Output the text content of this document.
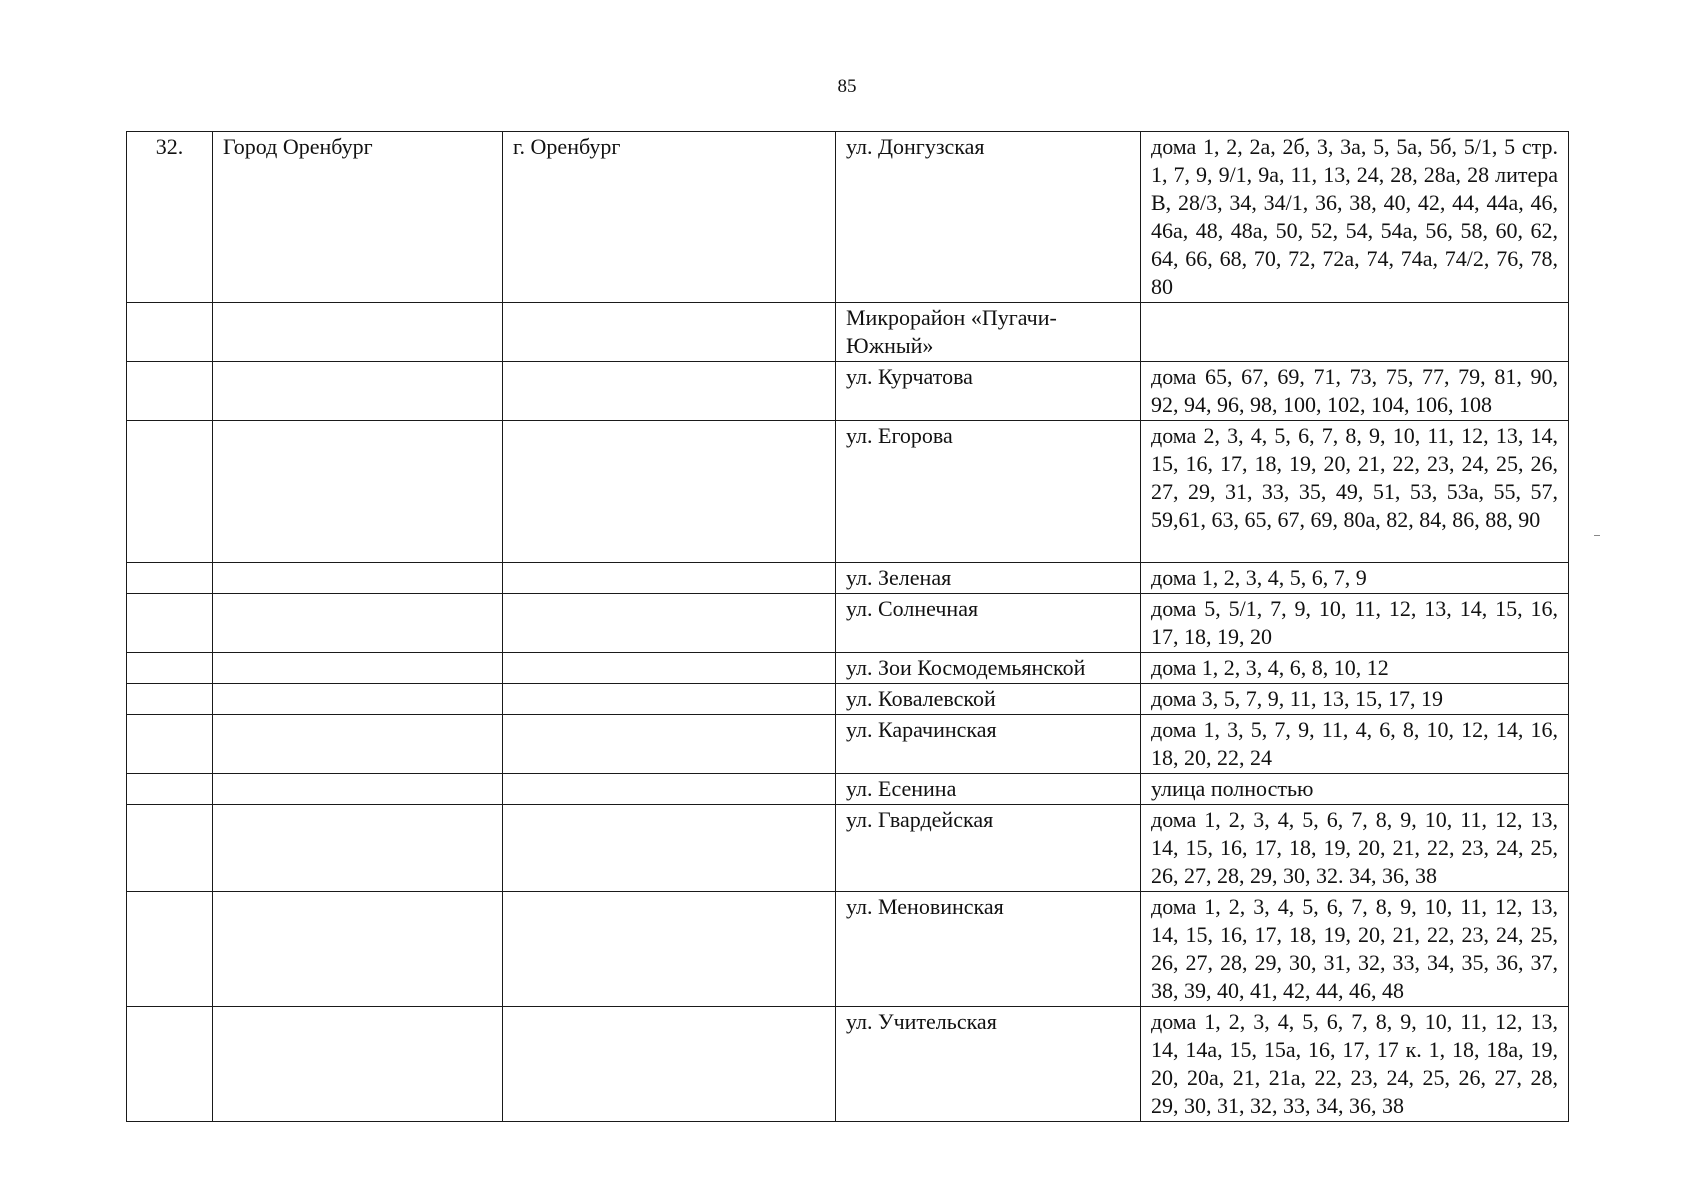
85
32.	Город Оренбург	г. Оренбург	ул. Донгузская	дома 1, 2, 2а, 2б, 3, 3а, 5, 5а, 5б, 5/1, 5 стр. 1, 7, 9, 9/1, 9а, 11, 13, 24, 28, 28а, 28 литера В, 28/3, 34, 34/1, 36, 38, 40, 42, 44, 44а, 46, 46а, 48, 48а, 50, 52, 54, 54а, 56, 58, 60, 62, 64, 66, 68, 70, 72, 72а, 74, 74а, 74/2, 76, 78, 80
			Микрорайон «Пугачи-Южный»	
			ул. Курчатова	дома 65, 67, 69, 71, 73, 75, 77, 79, 81, 90, 92, 94, 96, 98, 100, 102, 104, 106, 108
			ул. Егорова	дома 2, 3, 4, 5, 6, 7, 8, 9, 10, 11, 12, 13, 14, 15, 16, 17, 18, 19, 20, 21, 22, 23, 24, 25, 26, 27, 29, 31, 33, 35, 49, 51, 53, 53а, 55, 57, 59,61, 63, 65, 67, 69, 80а, 82, 84, 86, 88, 90
			ул. Зеленая	дома 1, 2, 3, 4, 5, 6, 7, 9
			ул. Солнечная	дома 5, 5/1, 7, 9, 10, 11, 12, 13, 14, 15, 16, 17, 18, 19, 20
			ул. Зои Космодемьянской	дома 1, 2, 3, 4, 6, 8, 10, 12
			ул. Ковалевской	дома 3, 5, 7, 9, 11, 13, 15, 17, 19
			ул. Карачинская	дома 1, 3, 5, 7, 9, 11, 4, 6, 8, 10, 12, 14, 16, 18, 20, 22, 24
			ул. Есенина	улица полностью
			ул. Гвардейская	дома 1, 2, 3, 4, 5, 6, 7, 8, 9, 10, 11, 12, 13, 14, 15, 16, 17, 18, 19, 20, 21, 22, 23, 24, 25, 26, 27, 28, 29, 30, 32. 34, 36, 38
			ул. Меновинская	дома 1, 2, 3, 4, 5, 6, 7, 8, 9, 10, 11, 12, 13, 14, 15, 16, 17, 18, 19, 20, 21, 22, 23, 24, 25, 26, 27, 28, 29, 30, 31, 32, 33, 34, 35, 36, 37, 38, 39, 40, 41, 42, 44, 46, 48
			ул. Учительская	дома 1, 2, 3, 4, 5, 6, 7, 8, 9, 10, 11, 12, 13, 14, 14а, 15, 15а, 16, 17, 17 к. 1, 18, 18а, 19, 20, 20а, 21, 21а, 22, 23, 24, 25, 26, 27, 28, 29, 30, 31, 32, 33, 34, 36, 38
